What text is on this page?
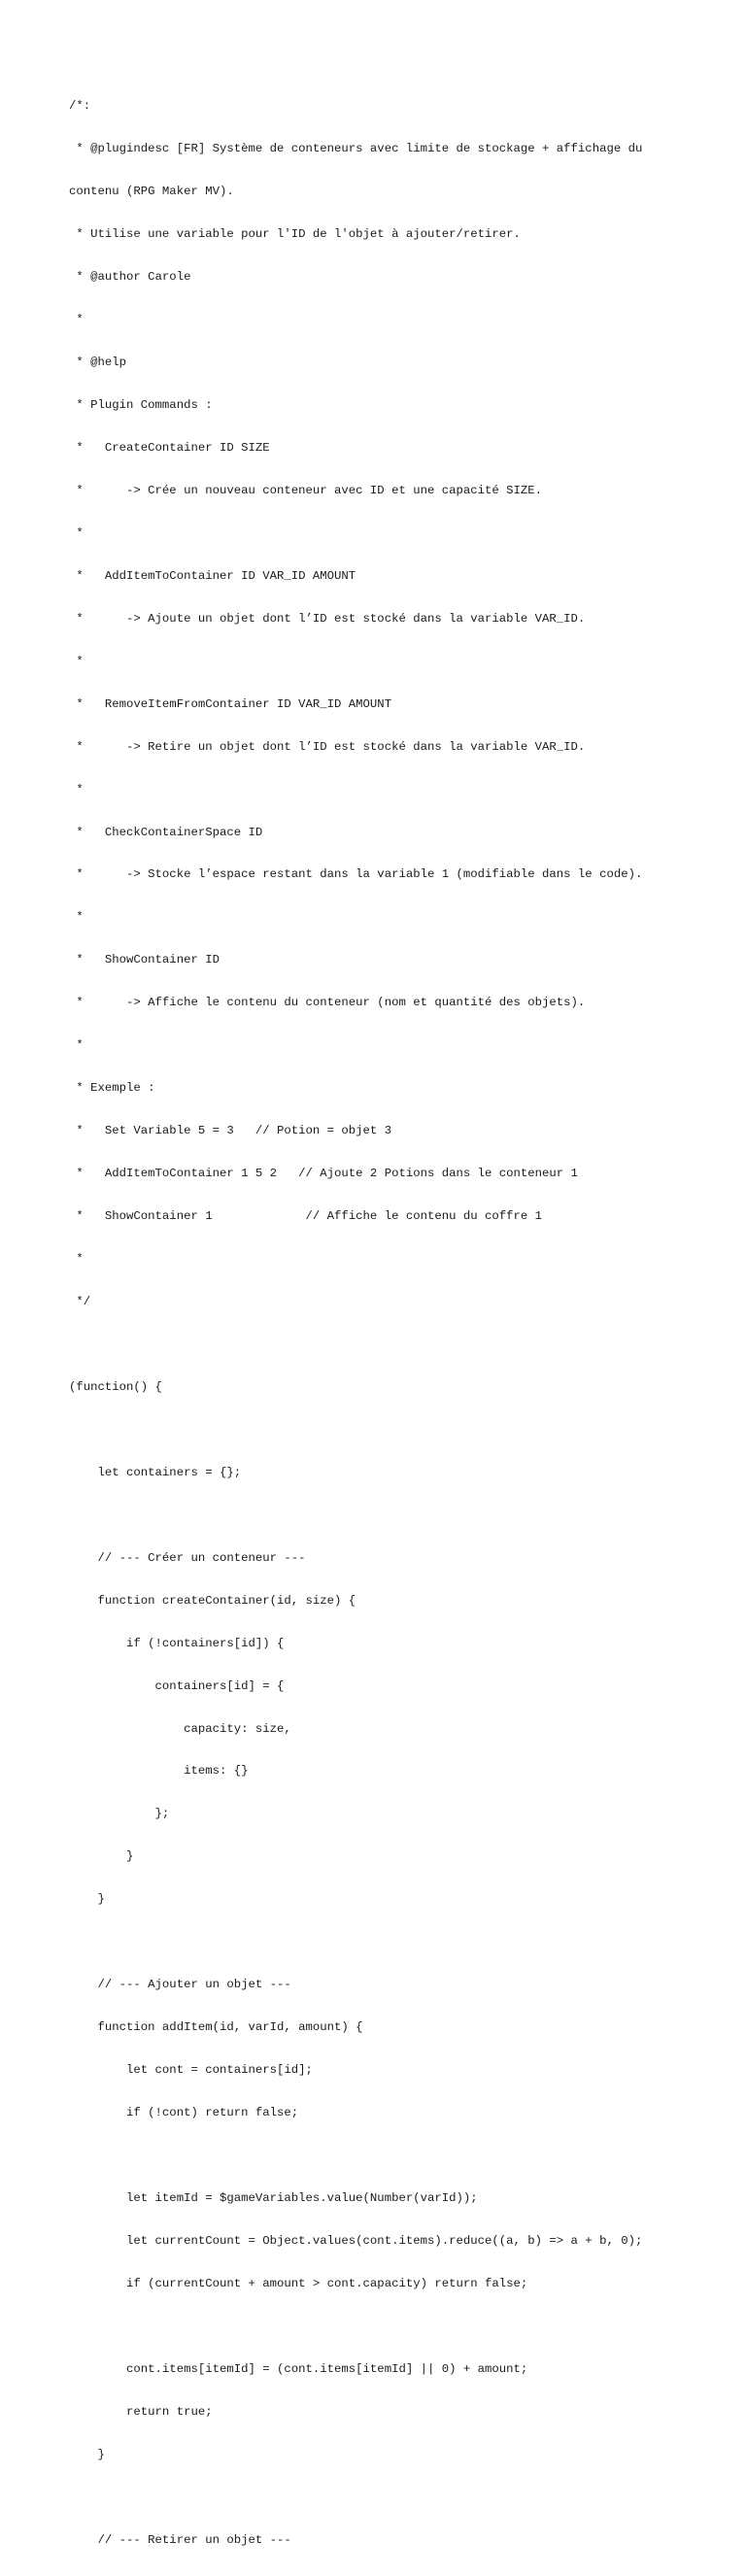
/*:

* @plugindesc [FR] Système de conteneurs avec limite de stockage + affichage du

contenu (RPG Maker MV).

* Utilise une variable pour l'ID de l'objet à ajouter/retirer.

* @author Carole

*

* @help

* Plugin Commands :

*   CreateContainer ID SIZE

*      -> Crée un nouveau conteneur avec ID et une capacité SIZE.

*

*   AddItemToContainer ID VAR_ID AMOUNT

*      -> Ajoute un objet dont l’ID est stocké dans la variable VAR_ID.

*

*   RemoveItemFromContainer ID VAR_ID AMOUNT

*      -> Retire un objet dont l’ID est stocké dans la variable VAR_ID.

*

*   CheckContainerSpace ID

*      -> Stocke l’espace restant dans la variable 1 (modifiable dans le code).

*

*   ShowContainer ID

*      -> Affiche le contenu du conteneur (nom et quantité des objets).

*

* Exemple :

*   Set Variable 5 = 3   // Potion = objet 3

*   AddItemToContainer 1 5 2   // Ajoute 2 Potions dans le conteneur 1

*   ShowContainer 1             // Affiche le contenu du coffre 1

*

*/

(function() {

let containers = {};

// --- Créer un conteneur ---

function createContainer(id, size) {

if (!containers[id]) {

containers[id] = {

capacity: size,

items: {}

};

}

}

// --- Ajouter un objet ---

function addItem(id, varId, amount) {

let cont = containers[id];

if (!cont) return false;

let itemId = $gameVariables.value(Number(varId));

let currentCount = Object.values(cont.items).reduce((a, b) => a + b, 0);

if (currentCount + amount > cont.capacity) return false;

cont.items[itemId] = (cont.items[itemId] || 0) + amount;

return true;

}

// --- Retirer un objet ---
